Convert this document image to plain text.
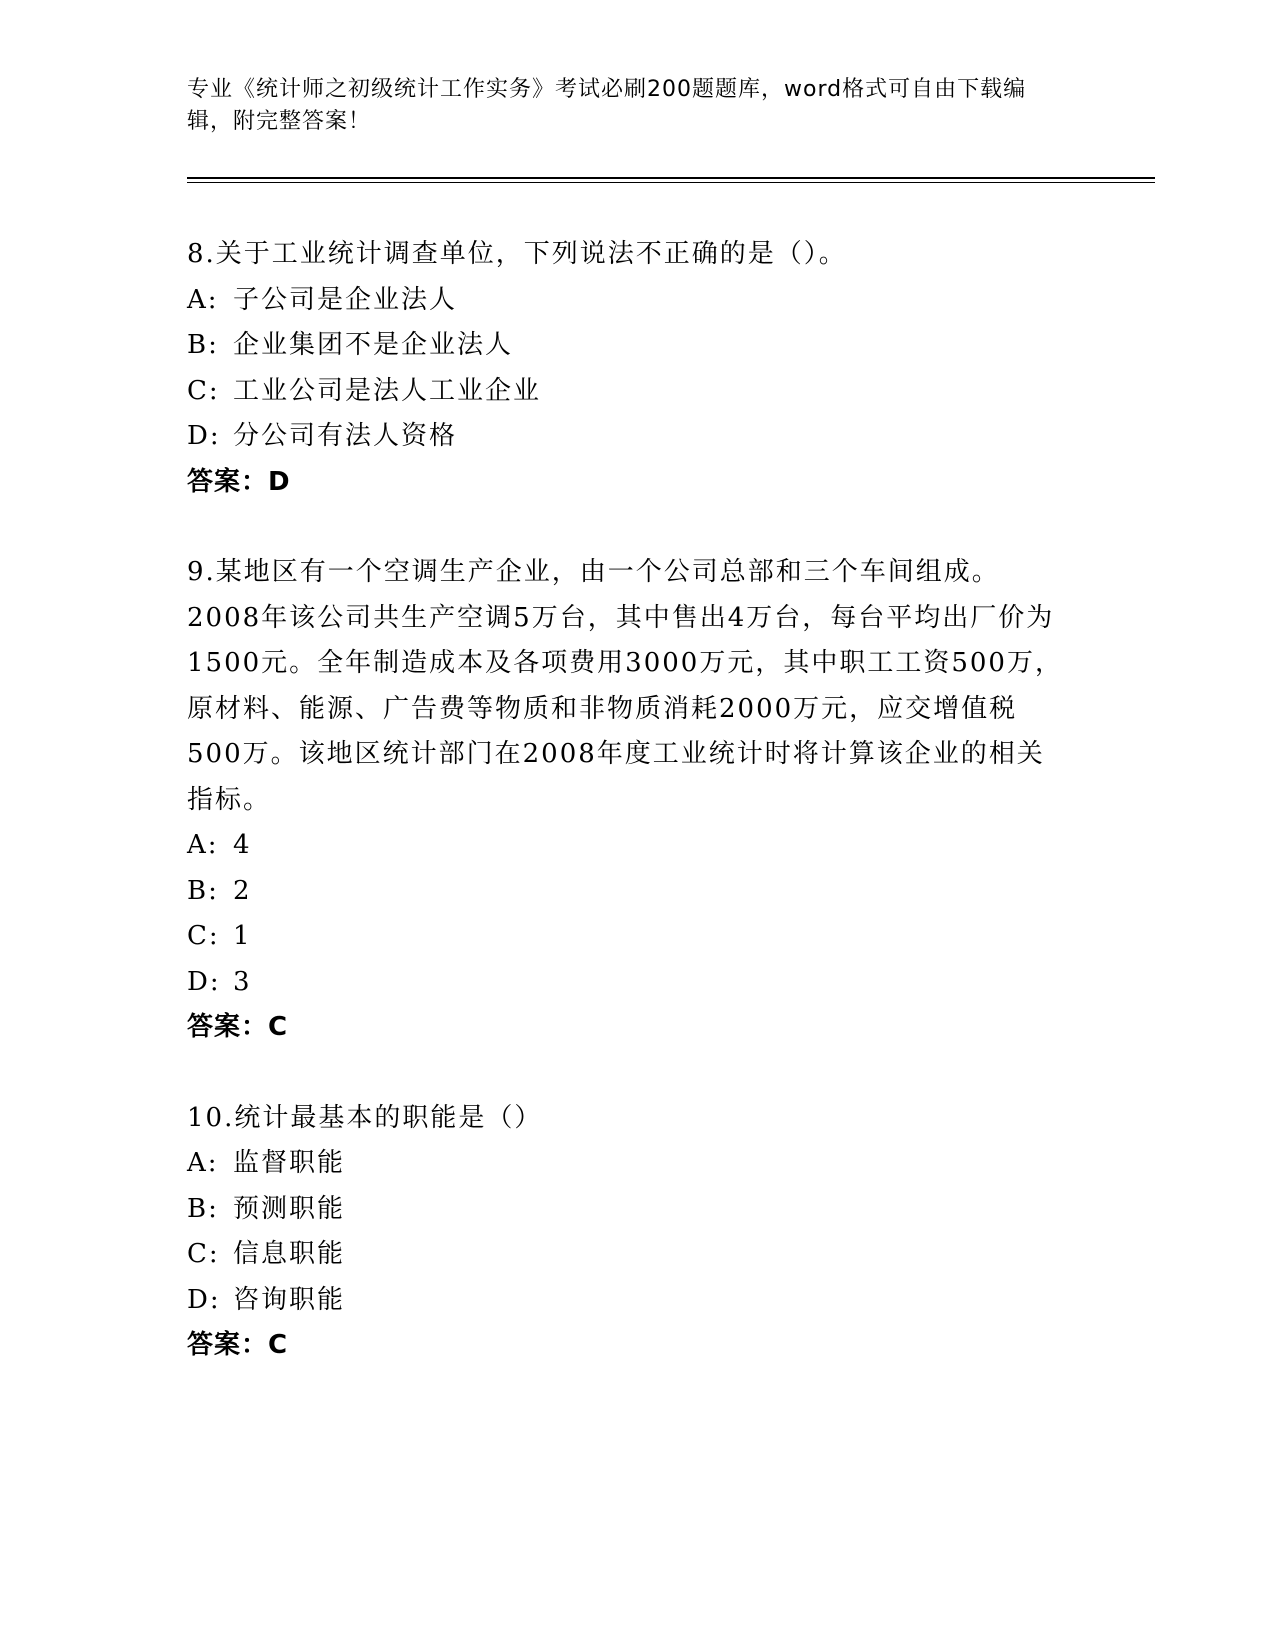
专业《统计师之初级统计工作实务》考试必刷200题题库，word格式可自由下载编辑，附完整答案！
8.关于工业统计调查单位，下列说法不正确的是（）。
A: 子公司是企业法人
B: 企业集团不是企业法人
C: 工业公司是法人工业企业
D: 分公司有法人资格
答案：D
9.某地区有一个空调生产企业，由一个公司总部和三个车间组成。2008年该公司共生产空调5万台，其中售出4万台，每台平均出厂价为1500元。全年制造成本及各项费用3000万元，其中职工工资500万，原材料、能源、广告费等物质和非物质消耗2000万元，应交增值税500万。该地区统计部门在2008年度工业统计时将计算该企业的相关指标。
A: 4
B: 2
C: 1
D: 3
答案：C
10.统计最基本的职能是（）
A: 监督职能
B: 预测职能
C: 信息职能
D: 咨询职能
答案：C
